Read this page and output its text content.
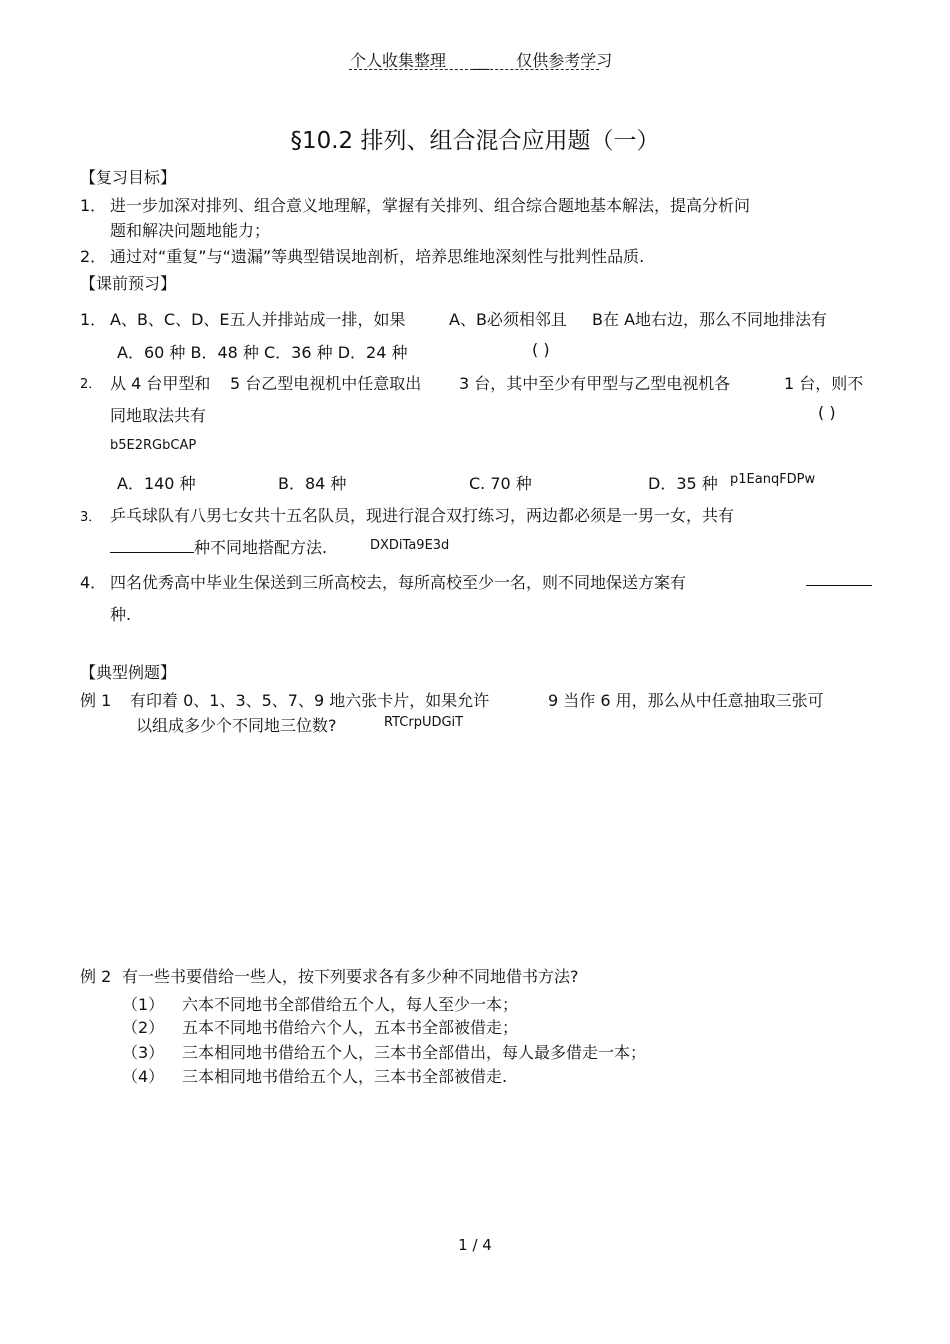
个人收集整理 __ 仅供参考学习
§10.2 排列、组合混合应用题（一）
【复习目标】
1． 进一步加深对排列、组合意义地理解，掌握有关排列、组合综合题地基本解法，提高分析问
题和解决问题地能力；
2． 通过对“重复”与“遗漏”等典型错误地剖析，培养思维地深刻性与批判性品质.
【课前预习】
1． A、B、C、D、E五人并排站成一排，如果	A、B必须相邻且 B在 A地右边，那么不同地排法有
A．60 种 B．48 种 C．36 种 D．24 种	( )
2． 从 4 台甲型和 5 台乙型电视机中任意取出 3 台，其中至少有甲型与乙型电视机各	1 台，则不
同地取法共有	( )
b5E2RGbCAP
A．140 种	B．84 种	C. 70 种	D．35 种 p1EanqFDPw
3． 乒乓球队有八男七女共十五名队员，现进行混合双打练习，两边都必须是一男一女，共有
种不同地搭配方法.	DXDiTa9E3d
4． 四名优秀高中毕业生保送到三所高校去，每所高校至少一名，则不同地保送方案有
种.
【典型例题】
例 1 有印着 0、1、3、5、7、9 地六张卡片，如果允许	9 当作 6 用，那么从中任意抽取三张可
以组成多少个不同地三位数?	RTCrpUDGiT
例 2 有一些书要借给一些人，按下列要求各有多少种不同地借书方法?
（1） 六本不同地书全部借给五个人，每人至少一本；
（2） 五本不同地书借给六个人，五本书全部被借走；
（3） 三本相同地书借给五个人，三本书全部借出，每人最多借走一本；
（4） 三本相同地书借给五个人，三本书全部被借走.
1 / 4
